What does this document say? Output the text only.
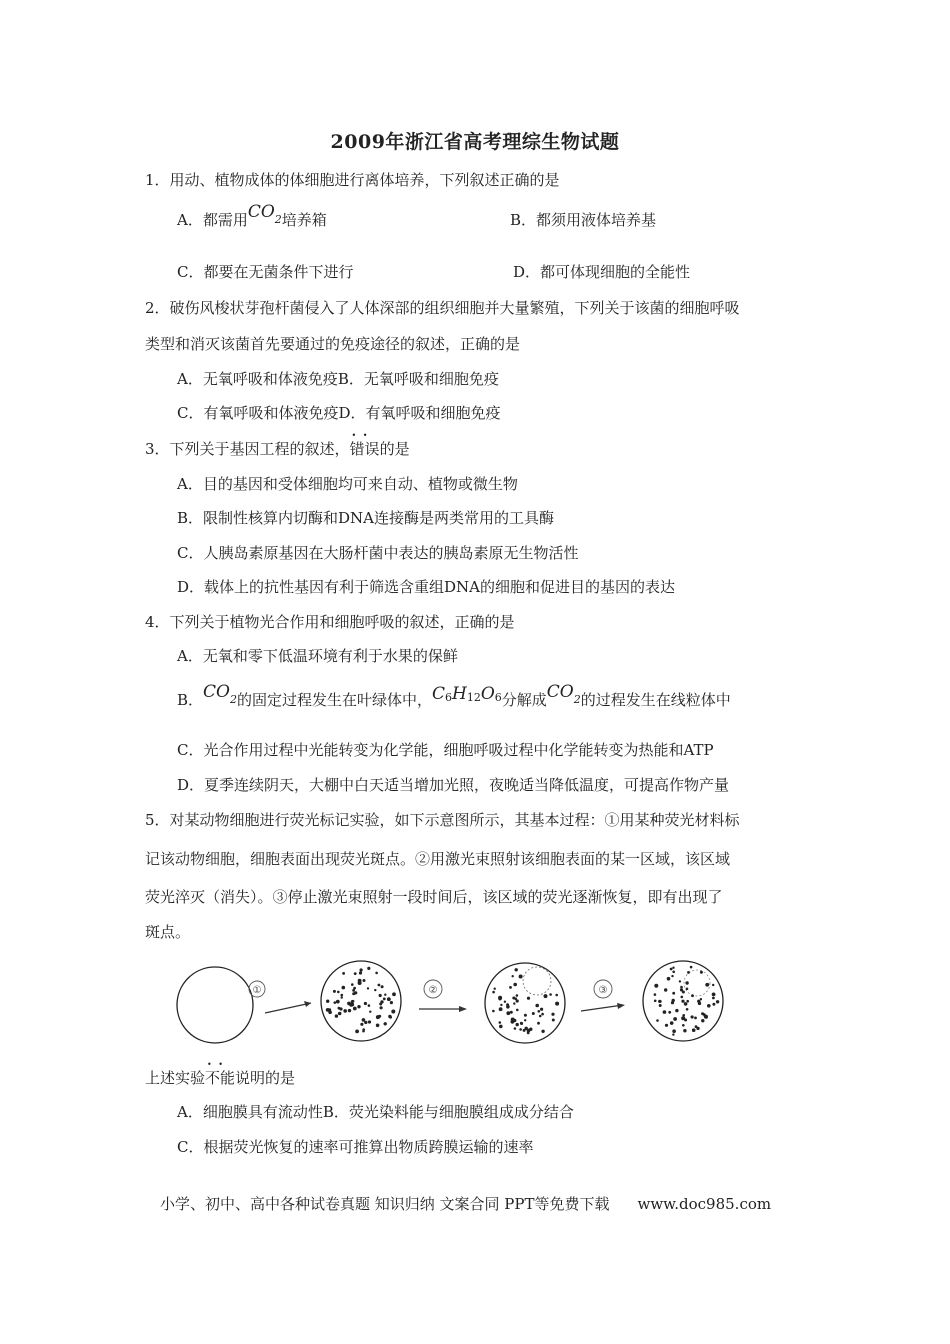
2009年浙江省高考理综生物试题
1．用动、植物成体的体细胞进行离体培养，下列叙述正确的是
A．都需用$CO_2$培养箱	B．都须用液体培养基
C．都要在无菌条件下进行	D．都可体现细胞的全能性
2．破伤风梭状芽孢杆菌侵入了人体深部的组织细胞并大量繁殖，下列关于该菌的细胞呼吸
类型和消灭该菌首先要通过的免疫途径的叙述，正确的是
A．无氧呼吸和体液免疫B．无氧呼吸和细胞免疫
C．有氧呼吸和体液免疫D．有氧呼吸和细胞免疫
3．下列关于基因工程的叙述，错误 • •的是
A．目的基因和受体细胞均可来自动、植物或微生物
B．限制性核算内切酶和DNA连接酶是两类常用的工具酶
C．人胰岛素原基因在大肠杆菌中表达的胰岛素原无生物活性
D．载体上的抗性基因有利于筛选含重组DNA的细胞和促进目的基因的表达
4．下列关于植物光合作用和细胞呼吸的叙述，正确的是
A．无氧和零下低温环境有利于水果的保鲜
B．$CO_2$的固定过程发生在叶绿体中，$C_6H_{12}O_6$分解成$CO_2$的过程发生在线粒体中
C．光合作用过程中光能转变为化学能，细胞呼吸过程中化学能转变为热能和ATP
D．夏季连续阴天，大棚中白天适当增加光照，夜晚适当降低温度，可提高作物产量
5．对某动物细胞进行荧光标记实验，如下示意图所示，其基本过程：①用某种荧光材料标
记该动物细胞，细胞表面出现荧光斑点。②用激光束照射该细胞表面的某一区域，该区域
荧光淬灭（消失）。③停止激光束照射一段时间后，该区域的荧光逐渐恢复，即有出现了
斑点。
①	②	③
上述实验不能 • •说明的是
A．细胞膜具有流动性B．荧光染料能与细胞膜组成成分结合
C．根据荧光恢复的速率可推算出物质跨膜运输的速率
小学、初中、高中各种试卷真题 知识归纳 文案合同 PPT等免费下载 www.doc985.com
